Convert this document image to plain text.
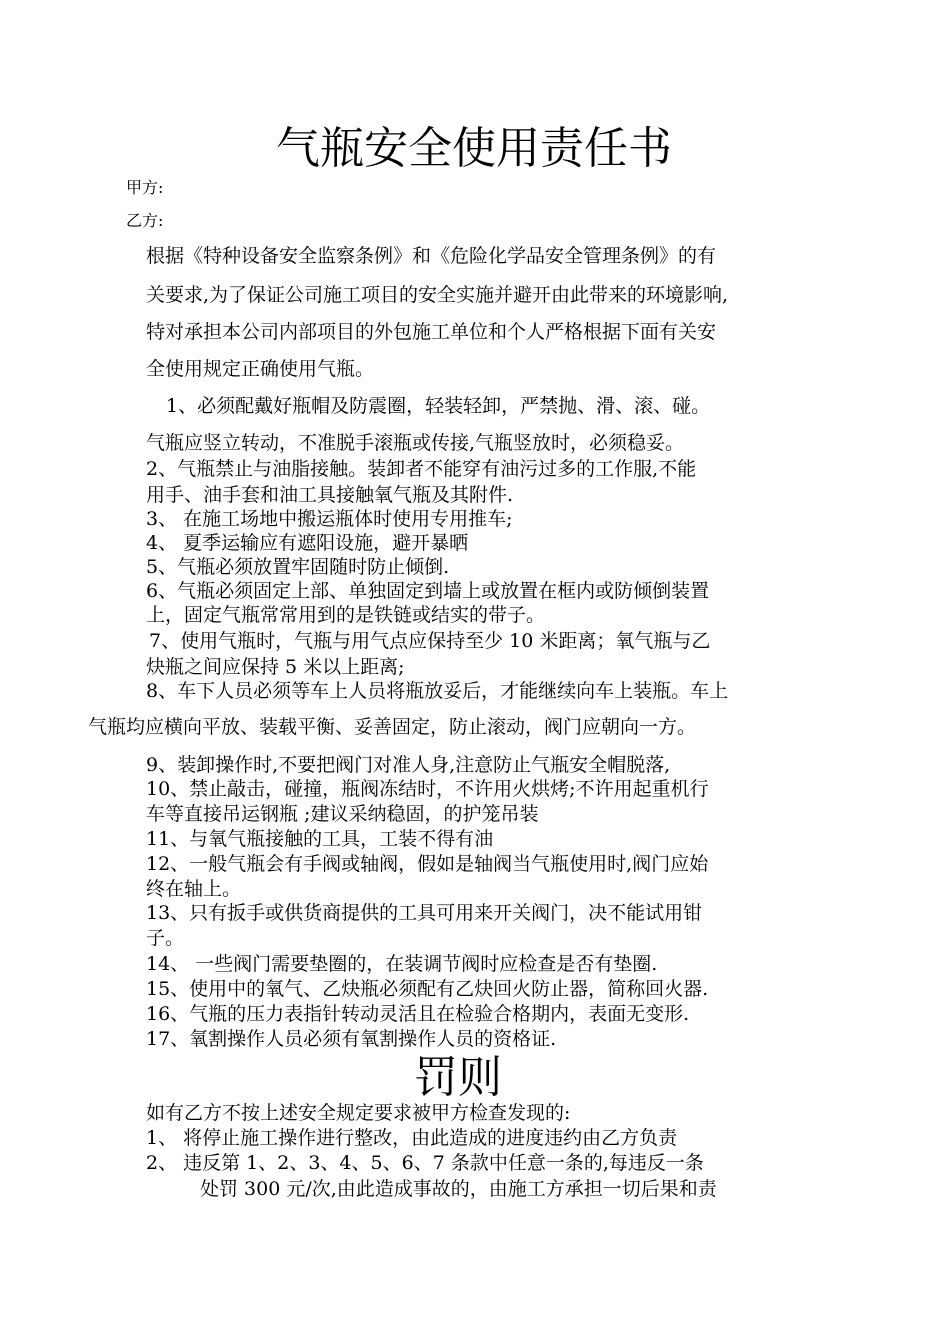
气瓶安全使用责任书
甲方:
乙方:
根据《特种设备安全监察条例》和《危险化学品安全管理条例》的有
关要求,为了保证公司施工项目的安全实施并避开由此带来的环境影响,
特对承担本公司内部项目的外包施工单位和个人严格根据下面有关安
全使用规定正确使用气瓶。
1、必须配戴好瓶帽及防震圈，轻装轻卸，严禁抛、滑、滚、碰。
气瓶应竖立转动，不准脱手滚瓶或传接,气瓶竖放时，必须稳妥。
2、气瓶禁止与油脂接触。装卸者不能穿有油污过多的工作服,不能
用手、油手套和油工具接触氧气瓶及其附件.
3、 在施工场地中搬运瓶体时使用专用推车;
4、 夏季运输应有遮阳设施，避开暴晒
5、气瓶必须放置牢固随时防止倾倒.
6、气瓶必须固定上部、单独固定到墙上或放置在框内或防倾倒装置
上，固定气瓶常常用到的是铁链或结实的带子。
7、使用气瓶时，气瓶与用气点应保持至少 10 米距离；氧气瓶与乙
炔瓶之间应保持 5 米以上距离;
8、车下人员必须等车上人员将瓶放妥后，才能继续向车上装瓶。车上
气瓶均应横向平放、装载平衡、妥善固定，防止滚动，阀门应朝向一方。
9、装卸操作时,不要把阀门对准人身,注意防止气瓶安全帽脱落,
10、禁止敲击，碰撞，瓶阀冻结时，不许用火烘烤;不许用起重机行
车等直接吊运钢瓶 ;建议采纳稳固，的护笼吊装
11、与氧气瓶接触的工具，工装不得有油
12、一般气瓶会有手阀或轴阀，假如是轴阀当气瓶使用时,阀门应始
终在轴上。
13、只有扳手或供货商提供的工具可用来开关阀门，决不能试用钳
子。
14、 一些阀门需要垫圈的，在装调节阀时应检查是否有垫圈.
15、使用中的氧气、乙炔瓶必须配有乙炔回火防止器，简称回火器.
16、气瓶的压力表指针转动灵活且在检验合格期内，表面无变形.
17、氧割操作人员必须有氧割操作人员的资格证.
罚则
如有乙方不按上述安全规定要求被甲方检查发现的:
1、 将停止施工操作进行整改，由此造成的进度违约由乙方负责
2、 违反第 1、2、3、4、5、6、7 条款中任意一条的,每违反一条
处罚 300 元/次,由此造成事故的，由施工方承担一切后果和责
